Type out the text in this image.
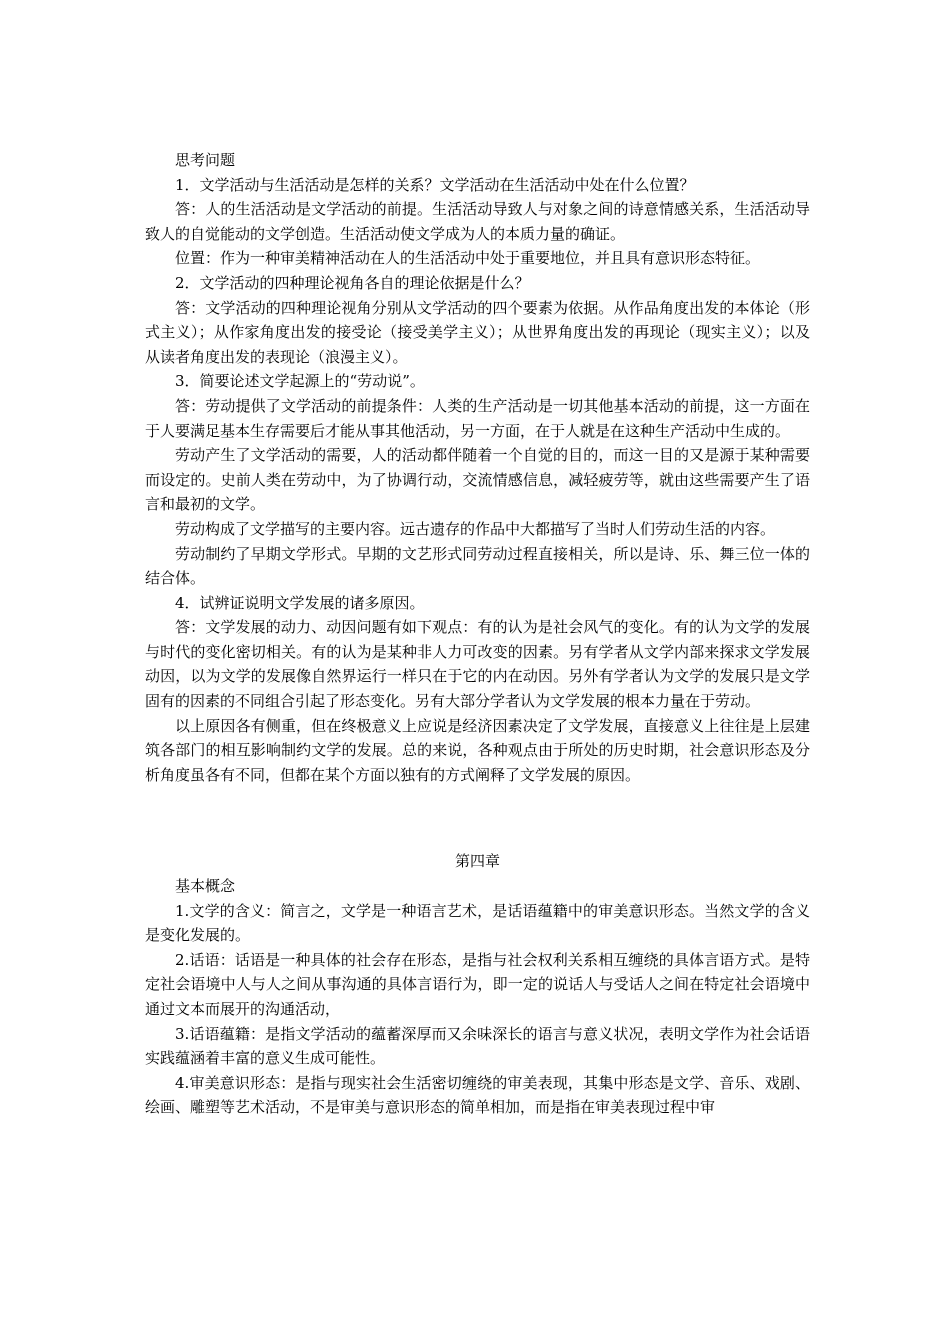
思考问题

1．文学活动与生活活动是怎样的关系？文学活动在生活活动中处在什么位置？

答：人的生活活动是文学活动的前提。生活活动导致人与对象之间的诗意情感关系，生活活动导致人的自觉能动的文学创造。生活活动使文学成为人的本质力量的确证。

位置：作为一种审美精神活动在人的生活活动中处于重要地位，并且具有意识形态特征。

2．文学活动的四种理论视角各自的理论依据是什么？

答：文学活动的四种理论视角分别从文学活动的四个要素为依据。从作品角度出发的本体论（形式主义）；从作家角度出发的接受论（接受美学主义）；从世界角度出发的再现论（现实主义）；以及从读者角度出发的表现论（浪漫主义）。

3．简要论述文学起源上的“劳动说”。

答：劳动提供了文学活动的前提条件：人类的生产活动是一切其他基本活动的前提，这一方面在于人要满足基本生存需要后才能从事其他活动，另一方面，在于人就是在这种生产活动中生成的。

劳动产生了文学活动的需要，人的活动都伴随着一个自觉的目的，而这一目的又是源于某种需要而设定的。史前人类在劳动中，为了协调行动，交流情感信息，减轻疲劳等，就由这些需要产生了语言和最初的文学。

劳动构成了文学描写的主要内容。远古遗存的作品中大都描写了当时人们劳动生活的内容。

劳动制约了早期文学形式。早期的文艺形式同劳动过程直接相关，所以是诗、乐、舞三位一体的结合体。

4．试辨证说明文学发展的诸多原因。

答：文学发展的动力、动因问题有如下观点：有的认为是社会风气的变化。有的认为文学的发展与时代的变化密切相关。有的认为是某种非人力可改变的因素。另有学者从文学内部来探求文学发展动因，以为文学的发展像自然界运行一样只在于它的内在动因。另外有学者认为文学的发展只是文学固有的因素的不同组合引起了形态变化。另有大部分学者认为文学发展的根本力量在于劳动。

以上原因各有侧重，但在终极意义上应说是经济因素决定了文学发展，直接意义上往往是上层建筑各部门的相互影响制约文学的发展。总的来说，各种观点由于所处的历史时期，社会意识形态及分析角度虽各有不同，但都在某个方面以独有的方式阐释了文学发展的原因。

第四章

基本概念

1.文学的含义：简言之，文学是一种语言艺术，是话语蕴籍中的审美意识形态。当然文学的含义是变化发展的。

2.话语：话语是一种具体的社会存在形态，是指与社会权利关系相互缠绕的具体言语方式。是特定社会语境中人与人之间从事沟通的具体言语行为，即一定的说话人与受话人之间在特定社会语境中通过文本而展开的沟通活动，

3.话语蕴籍：是指文学活动的蕴蓄深厚而又余味深长的语言与意义状况，表明文学作为社会话语实践蕴涵着丰富的意义生成可能性。

4.审美意识形态：是指与现实社会生活密切缠绕的审美表现，其集中形态是文学、音乐、戏剧、绘画、雕塑等艺术活动，不是审美与意识形态的简单相加，而是指在审美表现过程中审
